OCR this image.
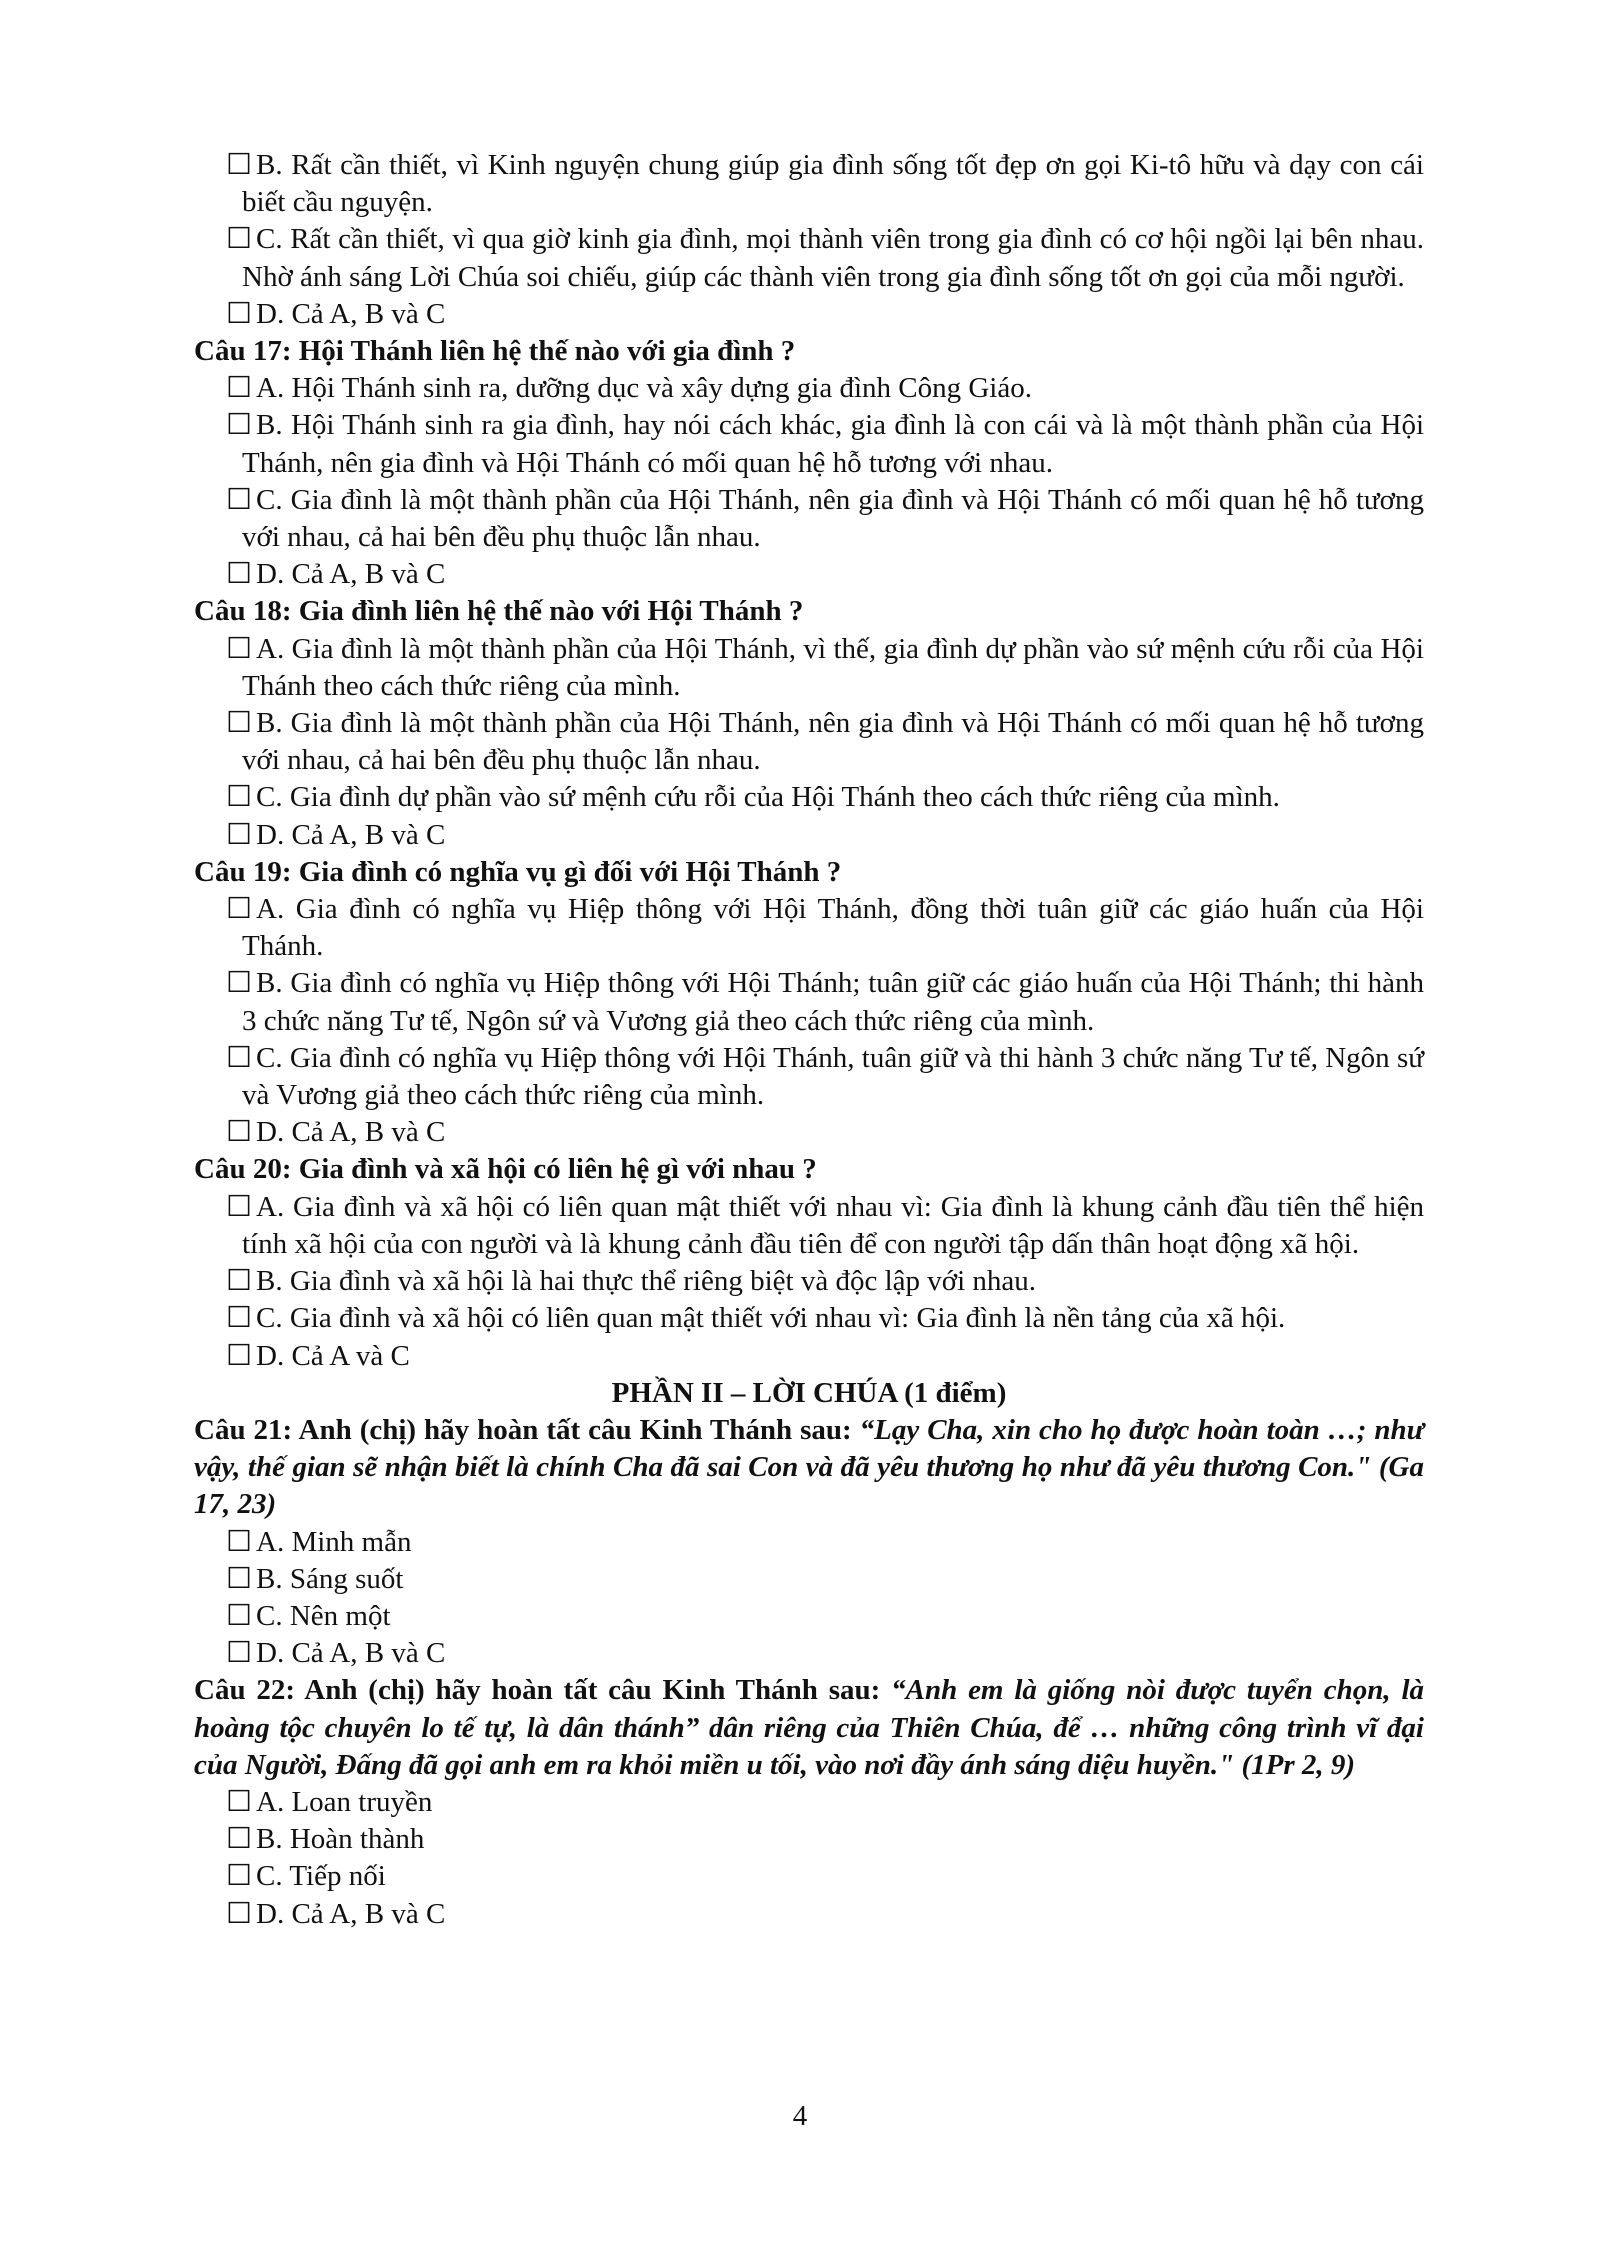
☐ B. Rất cần thiết, vì Kinh nguyện chung giúp gia đình sống tốt đẹp ơn gọi Ki-tô hữu và dạy con cái biết cầu nguyện.

☐ C. Rất cần thiết, vì qua giờ kinh gia đình, mọi thành viên trong gia đình có cơ hội ngồi lại bên nhau. Nhờ ánh sáng Lời Chúa soi chiếu, giúp các thành viên trong gia đình sống tốt ơn gọi của mỗi người.

☐ D. Cả A, B và C

Câu 17: Hội Thánh liên hệ thế nào với gia đình ?

☐ A. Hội Thánh sinh ra, dưỡng dục và xây dựng gia đình Công Giáo.

☐ B. Hội Thánh sinh ra gia đình, hay nói cách khác, gia đình là con cái và là một thành phần của Hội Thánh, nên gia đình và Hội Thánh có mối quan hệ hỗ tương với nhau.

☐ C. Gia đình là một thành phần của Hội Thánh, nên gia đình và Hội Thánh có mối quan hệ hỗ tương với nhau, cả hai bên đều phụ thuộc lẫn nhau.

☐ D. Cả A, B và C

Câu 18: Gia đình liên hệ thế nào với Hội Thánh ?

☐ A. Gia đình là một thành phần của Hội Thánh, vì thế, gia đình dự phần vào sứ mệnh cứu rỗi của Hội Thánh theo cách thức riêng của mình.

☐ B. Gia đình là một thành phần của Hội Thánh, nên gia đình và Hội Thánh có mối quan hệ hỗ tương với nhau, cả hai bên đều phụ thuộc lẫn nhau.

☐ C. Gia đình dự phần vào sứ mệnh cứu rỗi của Hội Thánh theo cách thức riêng của mình.

☐ D. Cả A, B và C

Câu 19: Gia đình có nghĩa vụ gì đối với Hội Thánh ?

☐ A. Gia đình có nghĩa vụ Hiệp thông với Hội Thánh, đồng thời tuân giữ các giáo huấn của Hội Thánh.

☐ B. Gia đình có nghĩa vụ Hiệp thông với Hội Thánh; tuân giữ các giáo huấn của Hội Thánh; thi hành 3 chức năng Tư tế, Ngôn sứ và Vương giả theo cách thức riêng của mình.

☐ C. Gia đình có nghĩa vụ Hiệp thông với Hội Thánh, tuân giữ và thi hành 3 chức năng Tư tế, Ngôn sứ và Vương giả theo cách thức riêng của mình.

☐ D. Cả A, B và C

Câu 20: Gia đình và xã hội có liên hệ gì với nhau ?

☐ A. Gia đình và xã hội có liên quan mật thiết với nhau vì: Gia đình là khung cảnh đầu tiên thể hiện tính xã hội của con người và là khung cảnh đầu tiên để con người tập dấn thân hoạt động xã hội.

☐ B. Gia đình và xã hội là hai thực thể riêng biệt và độc lập với nhau.

☐ C. Gia đình và xã hội có liên quan mật thiết với nhau vì: Gia đình là nền tảng của xã hội.

☐ D. Cả A và C

PHẦN II – LỜI CHÚA (1 điểm)

Câu 21: Anh (chị) hãy hoàn tất câu Kinh Thánh sau: “Lạy Cha, xin cho họ được hoàn toàn …; như vậy, thế gian sẽ nhận biết là chính Cha đã sai Con và đã yêu thương họ như đã yêu thương Con." (Ga 17, 23)

☐ A. Minh mẫn

☐ B. Sáng suốt

☐ C. Nên một

☐ D. Cả A, B và C

Câu 22: Anh (chị) hãy hoàn tất câu Kinh Thánh sau: “Anh em là giống nòi được tuyển chọn, là hoàng tộc chuyên lo tế tự, là dân thánh” dân riêng của Thiên Chúa, để … những công trình vĩ đại của Người, Đấng đã gọi anh em ra khỏi miền u tối, vào nơi đầy ánh sáng diệu huyền." (1Pr 2, 9)

☐ A. Loan truyền

☐ B. Hoàn thành

☐ C. Tiếp nối

☐ D. Cả A, B và C

4
